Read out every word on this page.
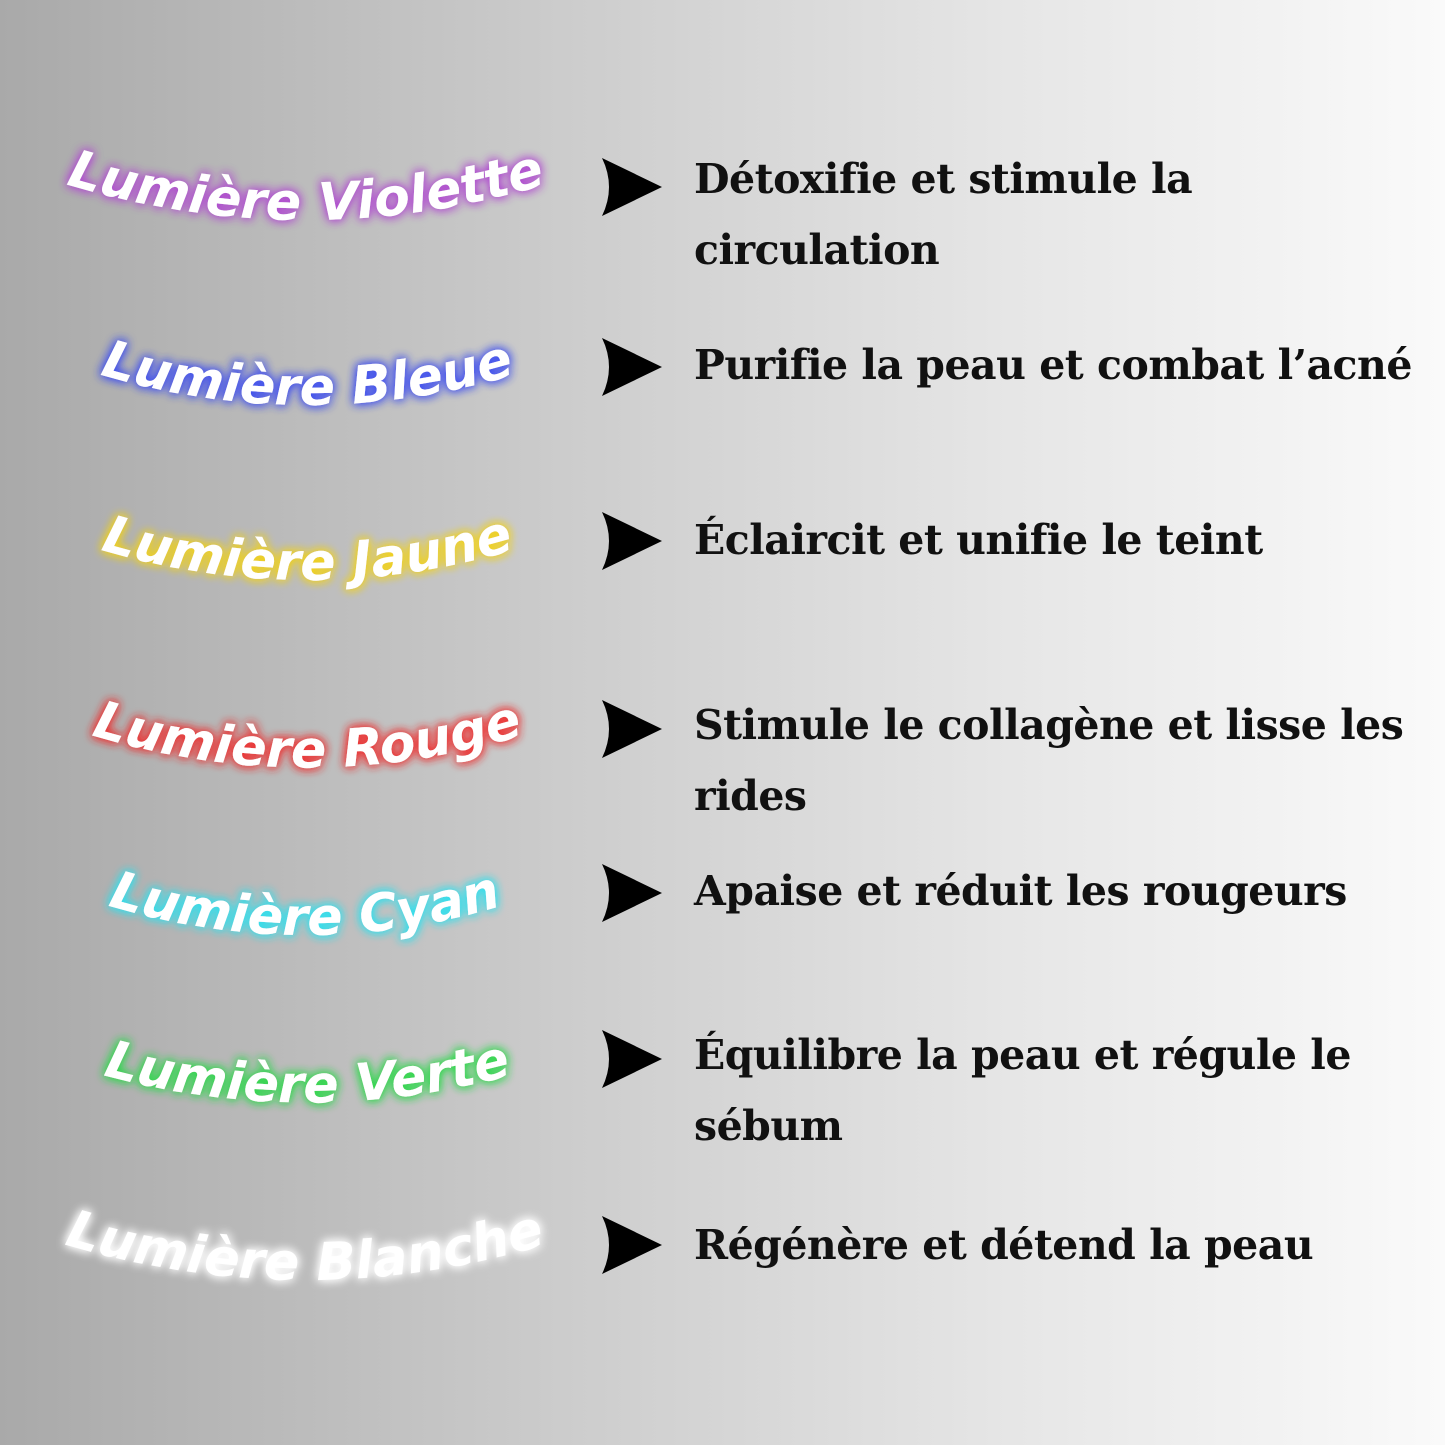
Lumière Violette	Détoxifie et stimule la circulation
Lumière Bleue	Purifie la peau et combat l’acné
Lumière Jaune	Éclaircit et unifie le teint
Lumière Rouge	Stimule le collagène et lisse les rides
Lumière Cyan	Apaise et réduit les rougeurs
Lumière Verte	Équilibre la peau et régule le sébum
Lumière Blanche	Régénère et détend la peau
